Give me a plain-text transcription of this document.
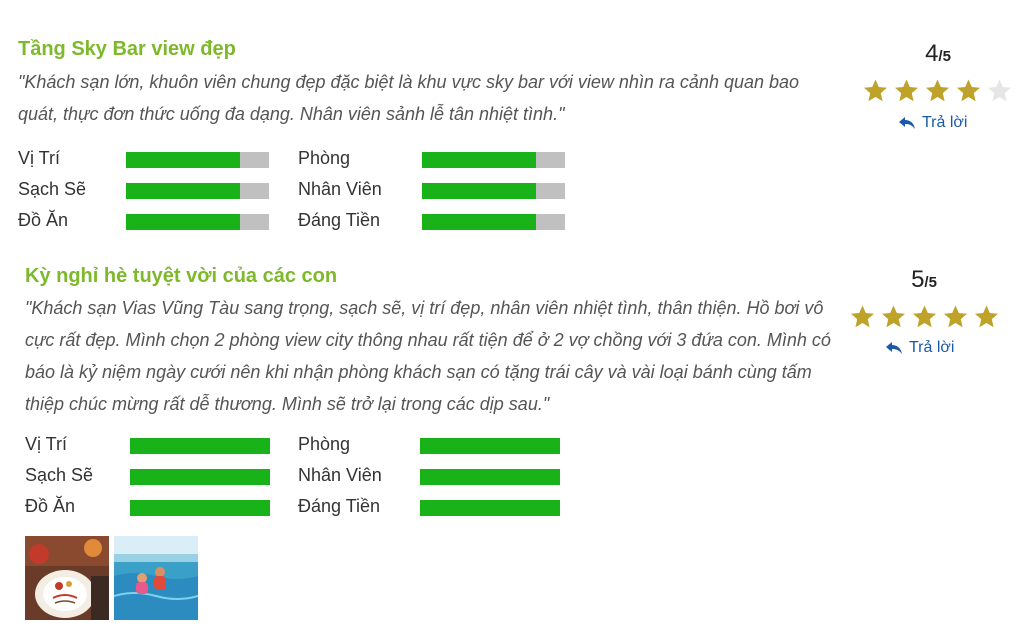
Tầng Sky Bar view đẹp
"Khách sạn lớn, khuôn viên chung đẹp đặc biệt là khu vực sky bar với view nhìn ra cảnh quan bao quát, thực đơn thức uống đa dạng. Nhân viên sảnh lễ tân nhiệt tình."
4/5
Trả lời
Vị Trí	Phòng
Sạch Sẽ	Nhân Viên
Đồ Ăn	Đáng Tiền
Kỳ nghỉ hè tuyệt vời của các con
"Khách sạn Vias Vũng Tàu sang trọng, sạch sẽ, vị trí đẹp, nhân viên nhiệt tình, thân thiện. Hồ bơi vô cực rất đẹp. Mình chọn 2 phòng view city thông nhau rất tiện để ở 2 vợ chồng với 3 đứa con. Mình có báo là kỷ niệm ngày cưới nên khi nhận phòng khách sạn có tặng trái cây và vài loại bánh cùng tấm thiệp chúc mừng rất dễ thương. Mình sẽ trở lại trong các dịp sau."
5/5
Trả lời
Vị Trí	Phòng
Sạch Sẽ	Nhân Viên
Đồ Ăn	Đáng Tiền
